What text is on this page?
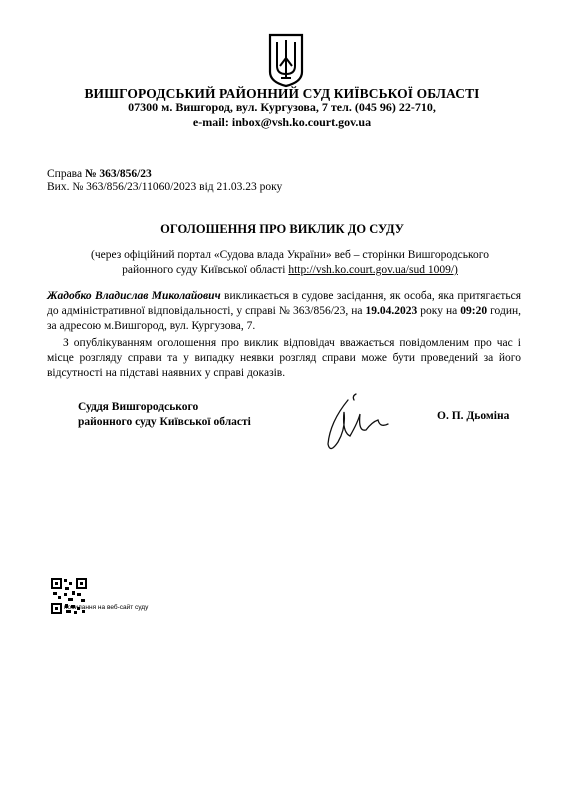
ВИШГОРОДСЬКИЙ РАЙОННИЙ СУД КИЇВСЬКОЇ ОБЛАСТІ
07300 м. Вишгород, вул. Кургузова, 7 тел. (045 96) 22-710,
e-mail: inbox@vsh.ko.court.gov.ua
Справа № 363/856/23
Вих. № 363/856/23/11060/2023 від 21.03.23 року
ОГОЛОШЕННЯ ПРО ВИКЛИК ДО СУДУ
(через офіційний портал «Судова влада України» веб – сторінки Вишгородського районного суду Київської області http://vsh.ko.court.gov.ua/sud 1009/)
Жадобко Владислав Миколайович викликається в судове засідання, як особа, яка притягається до адміністративної відповідальності, у справі № 363/856/23, на 19.04.2023 року на 09:20 годин, за адресою м.Вишгород, вул. Кургузова, 7.
З опублікуванням оголошення про виклик відповідач вважається повідомленим про час і місце розгляду справи та у випадку неявки розгляд справи може бути проведений за його відсутності на підставі наявних у справі доказів.
Суддя Вишгородського
районного суду Київської області	О. П. Дьоміна
посилання на веб-сайт суду
